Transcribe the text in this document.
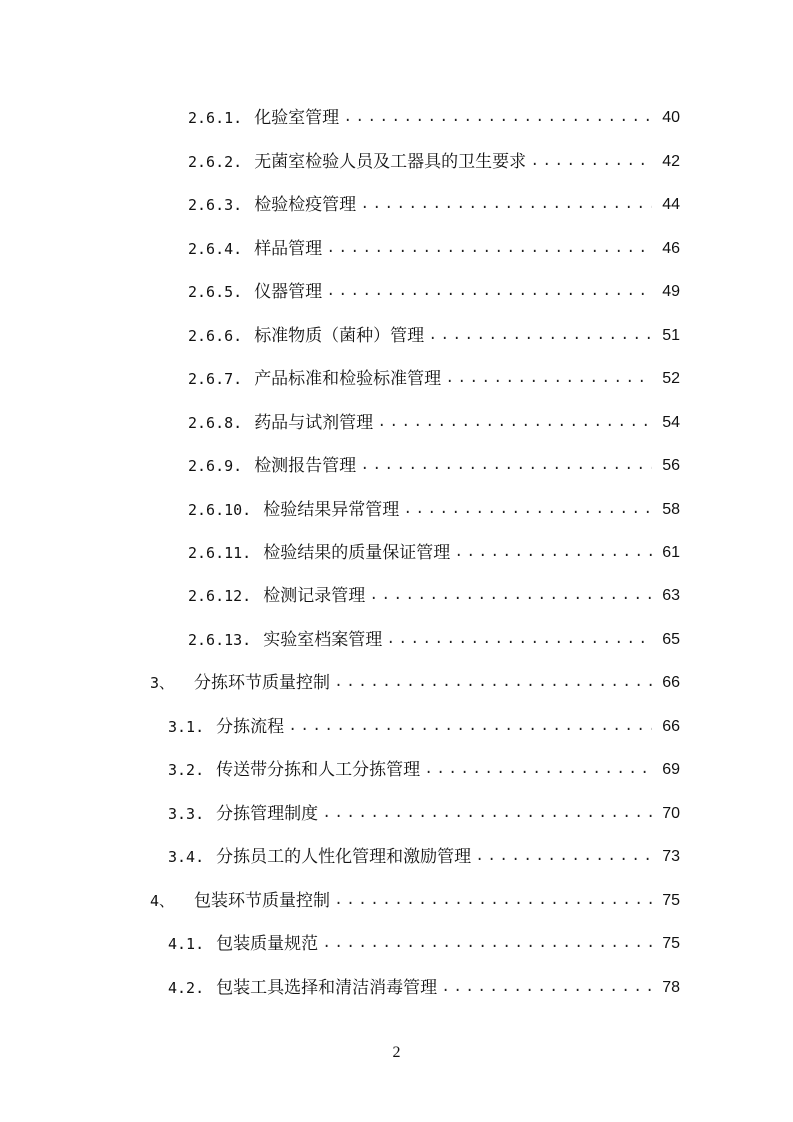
2.6.1. 化验室管理 .....	40
2.6.2. 无菌室检验人员及工器具的卫生要求 .....	42
2.6.3. 检验检疫管理 .....	44
2.6.4. 样品管理 .....	46
2.6.5. 仪器管理 .....	49
2.6.6. 标准物质（菌种）管理 .....	51
2.6.7. 产品标准和检验标准管理 .....	52
2.6.8. 药品与试剂管理 .....	54
2.6.9. 检测报告管理 .....	56
2.6.10. 检验结果异常管理 .....	58
2.6.11. 检验结果的质量保证管理 .....	61
2.6.12. 检测记录管理 .....	63
2.6.13. 实验室档案管理 .....	65
3、 分拣环节质量控制 .....	66
3.1. 分拣流程 .....	66
3.2. 传送带分拣和人工分拣管理 .....	69
3.3. 分拣管理制度 .....	70
3.4. 分拣员工的人性化管理和激励管理 .....	73
4、 包装环节质量控制 .....	75
4.1. 包装质量规范 .....	75
4.2. 包装工具选择和清洁消毒管理 .....	78
2
